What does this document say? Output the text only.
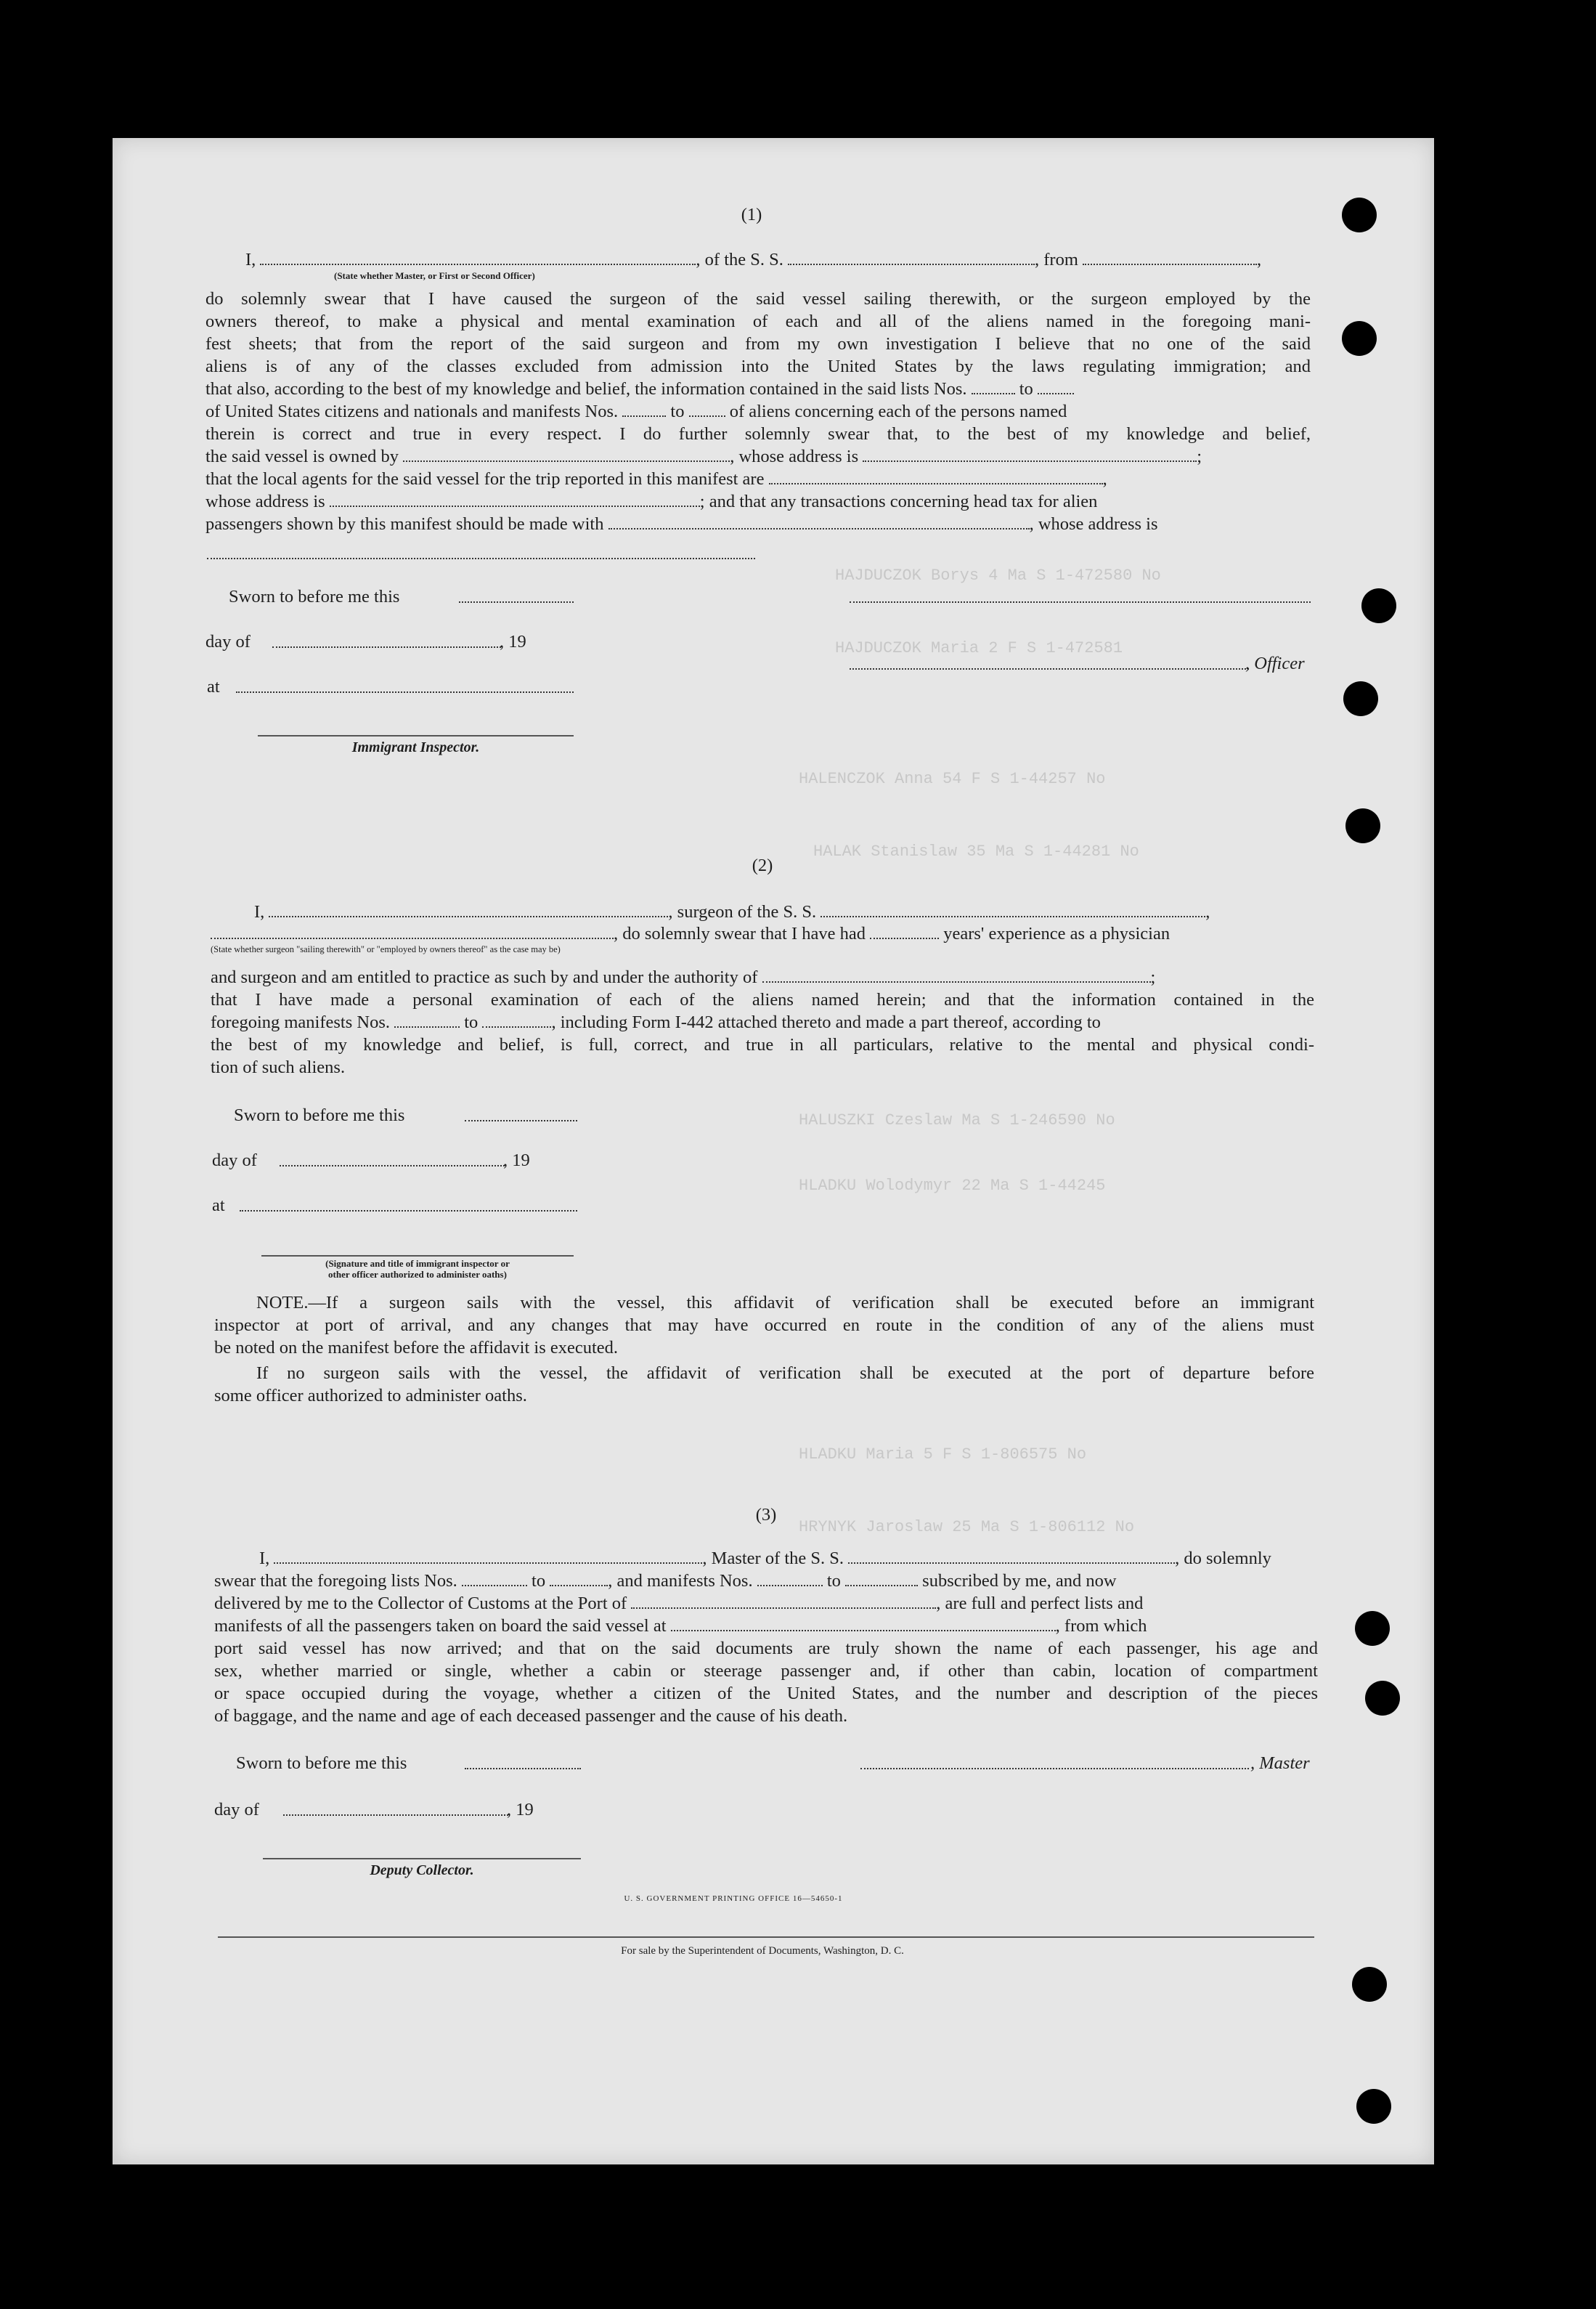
HAJDUCZOK Borys 4 Ma S 1-472580 No
HAJDUCZOK Maria 2 F S 1-472581
HALENCZOK Anna 54 F S 1-44257 No
HALAK Stanislaw 35 Ma S 1-44281 No
HALUSZKI Czeslaw Ma S 1-246590 No
HLADKU Wolodymyr 22 Ma S 1-44245
HLADKU Maria 5 F S 1-806575 No
HRYNYK Jaroslaw 25 Ma S 1-806112 No
(1)
I,	, of the S. S.	, from	,
(State whether Master, or First or Second Officer)
do solemnly swear that I have caused the surgeon of the said vessel sailing therewith, or the surgeon employed by the
owners thereof, to make a physical and mental examination of each and all of the aliens named in the foregoing mani-
fest sheets; that from the report of the said surgeon and from my own investigation I believe that no one of the said
aliens is of any of the classes excluded from admission into the United States by the laws regulating immigration; and
that also, according to the best of my knowledge and belief, the information contained in the said lists Nos.	to
of United States citizens and nationals and manifests Nos.	to	of aliens concerning each of the persons named
therein is correct and true in every respect. I do further solemnly swear that, to the best of my knowledge and belief,
the said vessel is owned by	, whose address is	;
that the local agents for the said vessel for the trip reported in this manifest are	,
whose address is	; and that any transactions concerning head tax for alien
passengers shown by this manifest should be made with	, whose address is
Sworn to before me this
day of	, 19
, Officer
at
Immigrant Inspector.
(2)
I,	, surgeon of the S. S.	,
, do solemnly swear that I have had	years' experience as a physician
(State whether surgeon "sailing therewith" or "employed by owners thereof" as the case may be)
and surgeon and am entitled to practice as such by and under the authority of	;
that I have made a personal examination of each of the aliens named herein; and that the information contained in the
foregoing manifests Nos.	to	, including Form I-442 attached thereto and made a part thereof, according to
the best of my knowledge and belief, is full, correct, and true in all particulars, relative to the mental and physical condi-
tion of such aliens.
Sworn to before me this
day of	, 19
at
(Signature and title of immigrant inspector or
other officer authorized to administer oaths)
NOTE.—If a surgeon sails with the vessel, this affidavit of verification shall be executed before an immigrant
inspector at port of arrival, and any changes that may have occurred en route in the condition of any of the aliens must
be noted on the manifest before the affidavit is executed.
If no surgeon sails with the vessel, the affidavit of verification shall be executed at the port of departure before
some officer authorized to administer oaths.
(3)
I,	, Master of the S. S.	, do solemnly
swear that the foregoing lists Nos.	to	, and manifests Nos.	to	subscribed by me, and now
delivered by me to the Collector of Customs at the Port of	, are full and perfect lists and
manifests of all the passengers taken on board the said vessel at	, from which
port said vessel has now arrived; and that on the said documents are truly shown the name of each passenger, his age and
sex, whether married or single, whether a cabin or steerage passenger and, if other than cabin, location of compartment
or space occupied during the voyage, whether a citizen of the United States, and the number and description of the pieces
of baggage, and the name and age of each deceased passenger and the cause of his death.
Sworn to before me this	, Master
day of	, 19
Deputy Collector.
U. S. GOVERNMENT PRINTING OFFICE 16—54650-1
For sale by the Superintendent of Documents, Washington, D. C.
